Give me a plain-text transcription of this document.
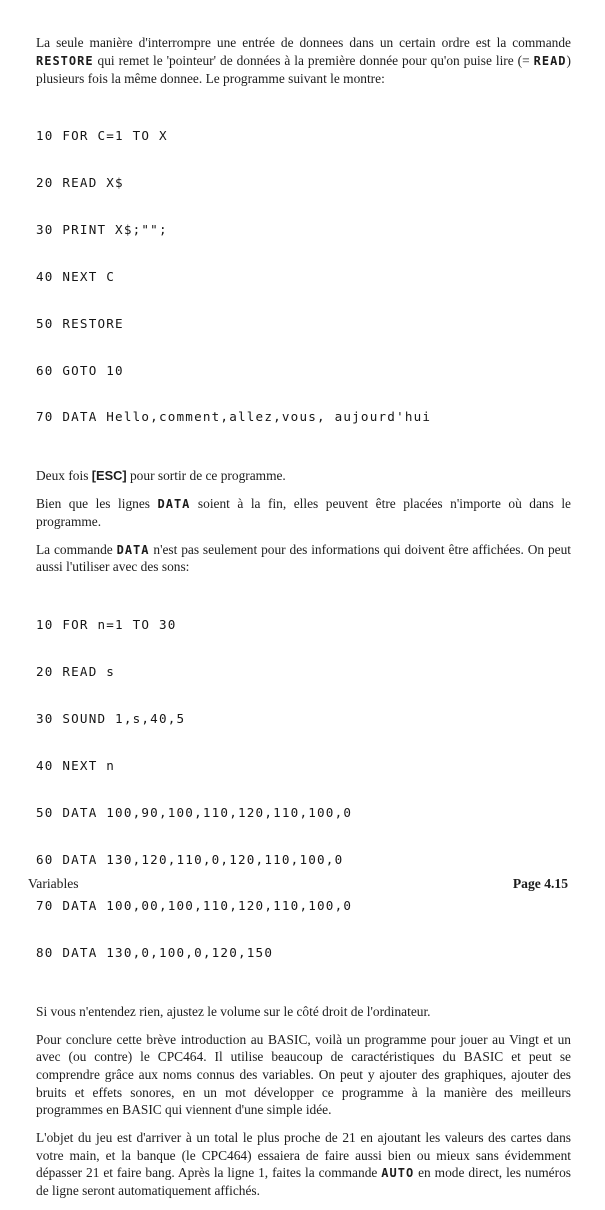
La seule manière d'interrompre une entrée de donnees dans un certain ordre est la commande RESTORE qui remet le 'pointeur' de données à la première donnée pour qu'on puise lire (= READ) plusieurs fois la même donnee. Le programme suivant le montre:

10 FOR C=1 TO X

20 READ X$

30 PRINT X$;"";

40 NEXT C

50 RESTORE

60 GOTO 10

70 DATA Hello,comment,allez,vous, aujourd'hui

Deux fois [ESC] pour sortir de ce programme.

Bien que les lignes DATA soient à la fin, elles peuvent être placées n'importe où dans le programme.

La commande DATA n'est pas seulement pour des informations qui doivent être affichées. On peut aussi l'utiliser avec des sons:

10 FOR n=1 TO 30

20 READ s

30 SOUND 1,s,40,5

40 NEXT n

50 DATA 100,90,100,110,120,110,100,0

60 DATA 130,120,110,0,120,110,100,0

70 DATA 100,00,100,110,120,110,100,0

80 DATA 130,0,100,0,120,150

Si vous n'entendez rien, ajustez le volume sur le côté droit de l'ordinateur.

Pour conclure cette brève introduction au BASIC, voilà un programme pour jouer au Vingt et un avec (ou contre) le CPC464. Il utilise beaucoup de caractéristiques du BASIC et peut se comprendre grâce aux noms connus des variables. On peut y ajouter des graphiques, ajouter des bruits et effets sonores, en un mot développer ce programme à la manière des meilleurs programmes en BASIC qui viennent d'une simple idée.

L'objet du jeu est d'arriver à un total le plus proche de 21 en ajoutant les valeurs des cartes dans votre main, et la banque (le CPC464) essaiera de faire aussi bien ou mieux sans évidemment dépasser 21 et faire bang. Après la ligne 1, faites la commande AUTO en mode direct, les numéros de ligne seront automatiquement affichés.

Variables	Page 4.15
